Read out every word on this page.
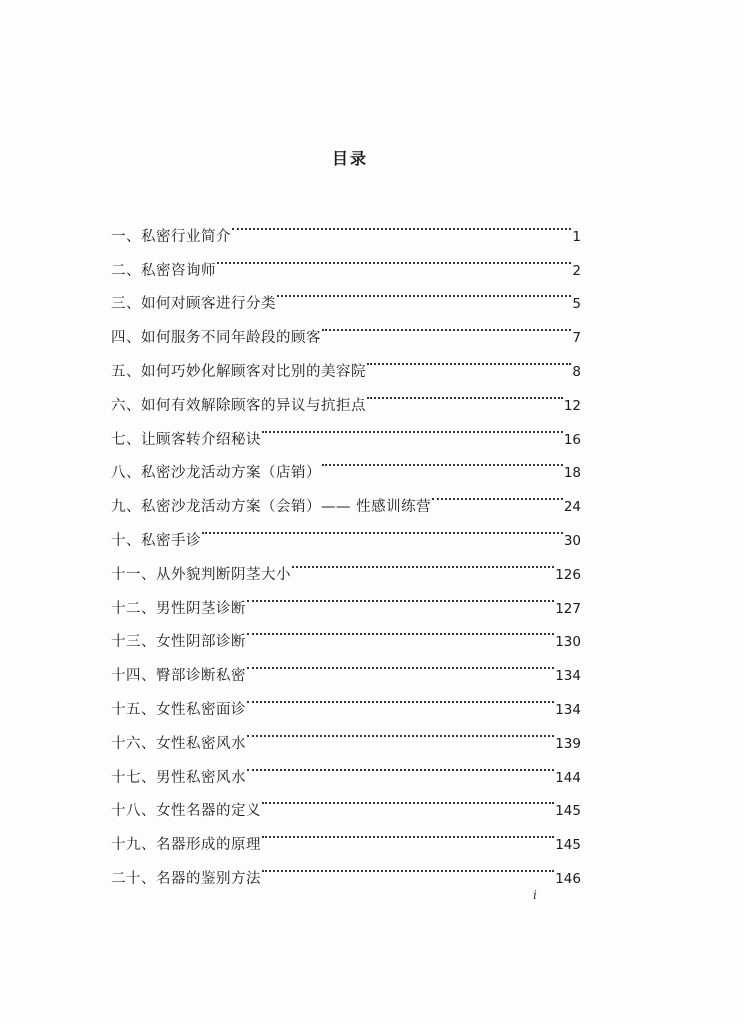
目录
一、私密行业简介	1
二、私密咨询师	2
三、如何对顾客进行分类	5
四、如何服务不同年龄段的顾客	7
五、如何巧妙化解顾客对比别的美容院	8
六、如何有效解除顾客的异议与抗拒点	12
七、让顾客转介绍秘诀	16
八、私密沙龙活动方案（店销）	18
九、私密沙龙活动方案（会销）—— 性感训练营	24
十、私密手诊	30
十一、从外貌判断阴茎大小	126
十二、男性阴茎诊断	127
十三、女性阴部诊断	130
十四、臀部诊断私密	134
十五、女性私密面诊	134
十六、女性私密风水	139
十七、男性私密风水	144
十八、女性名器的定义	145
十九、名器形成的原理	145
二十、名器的鉴别方法	146
i
